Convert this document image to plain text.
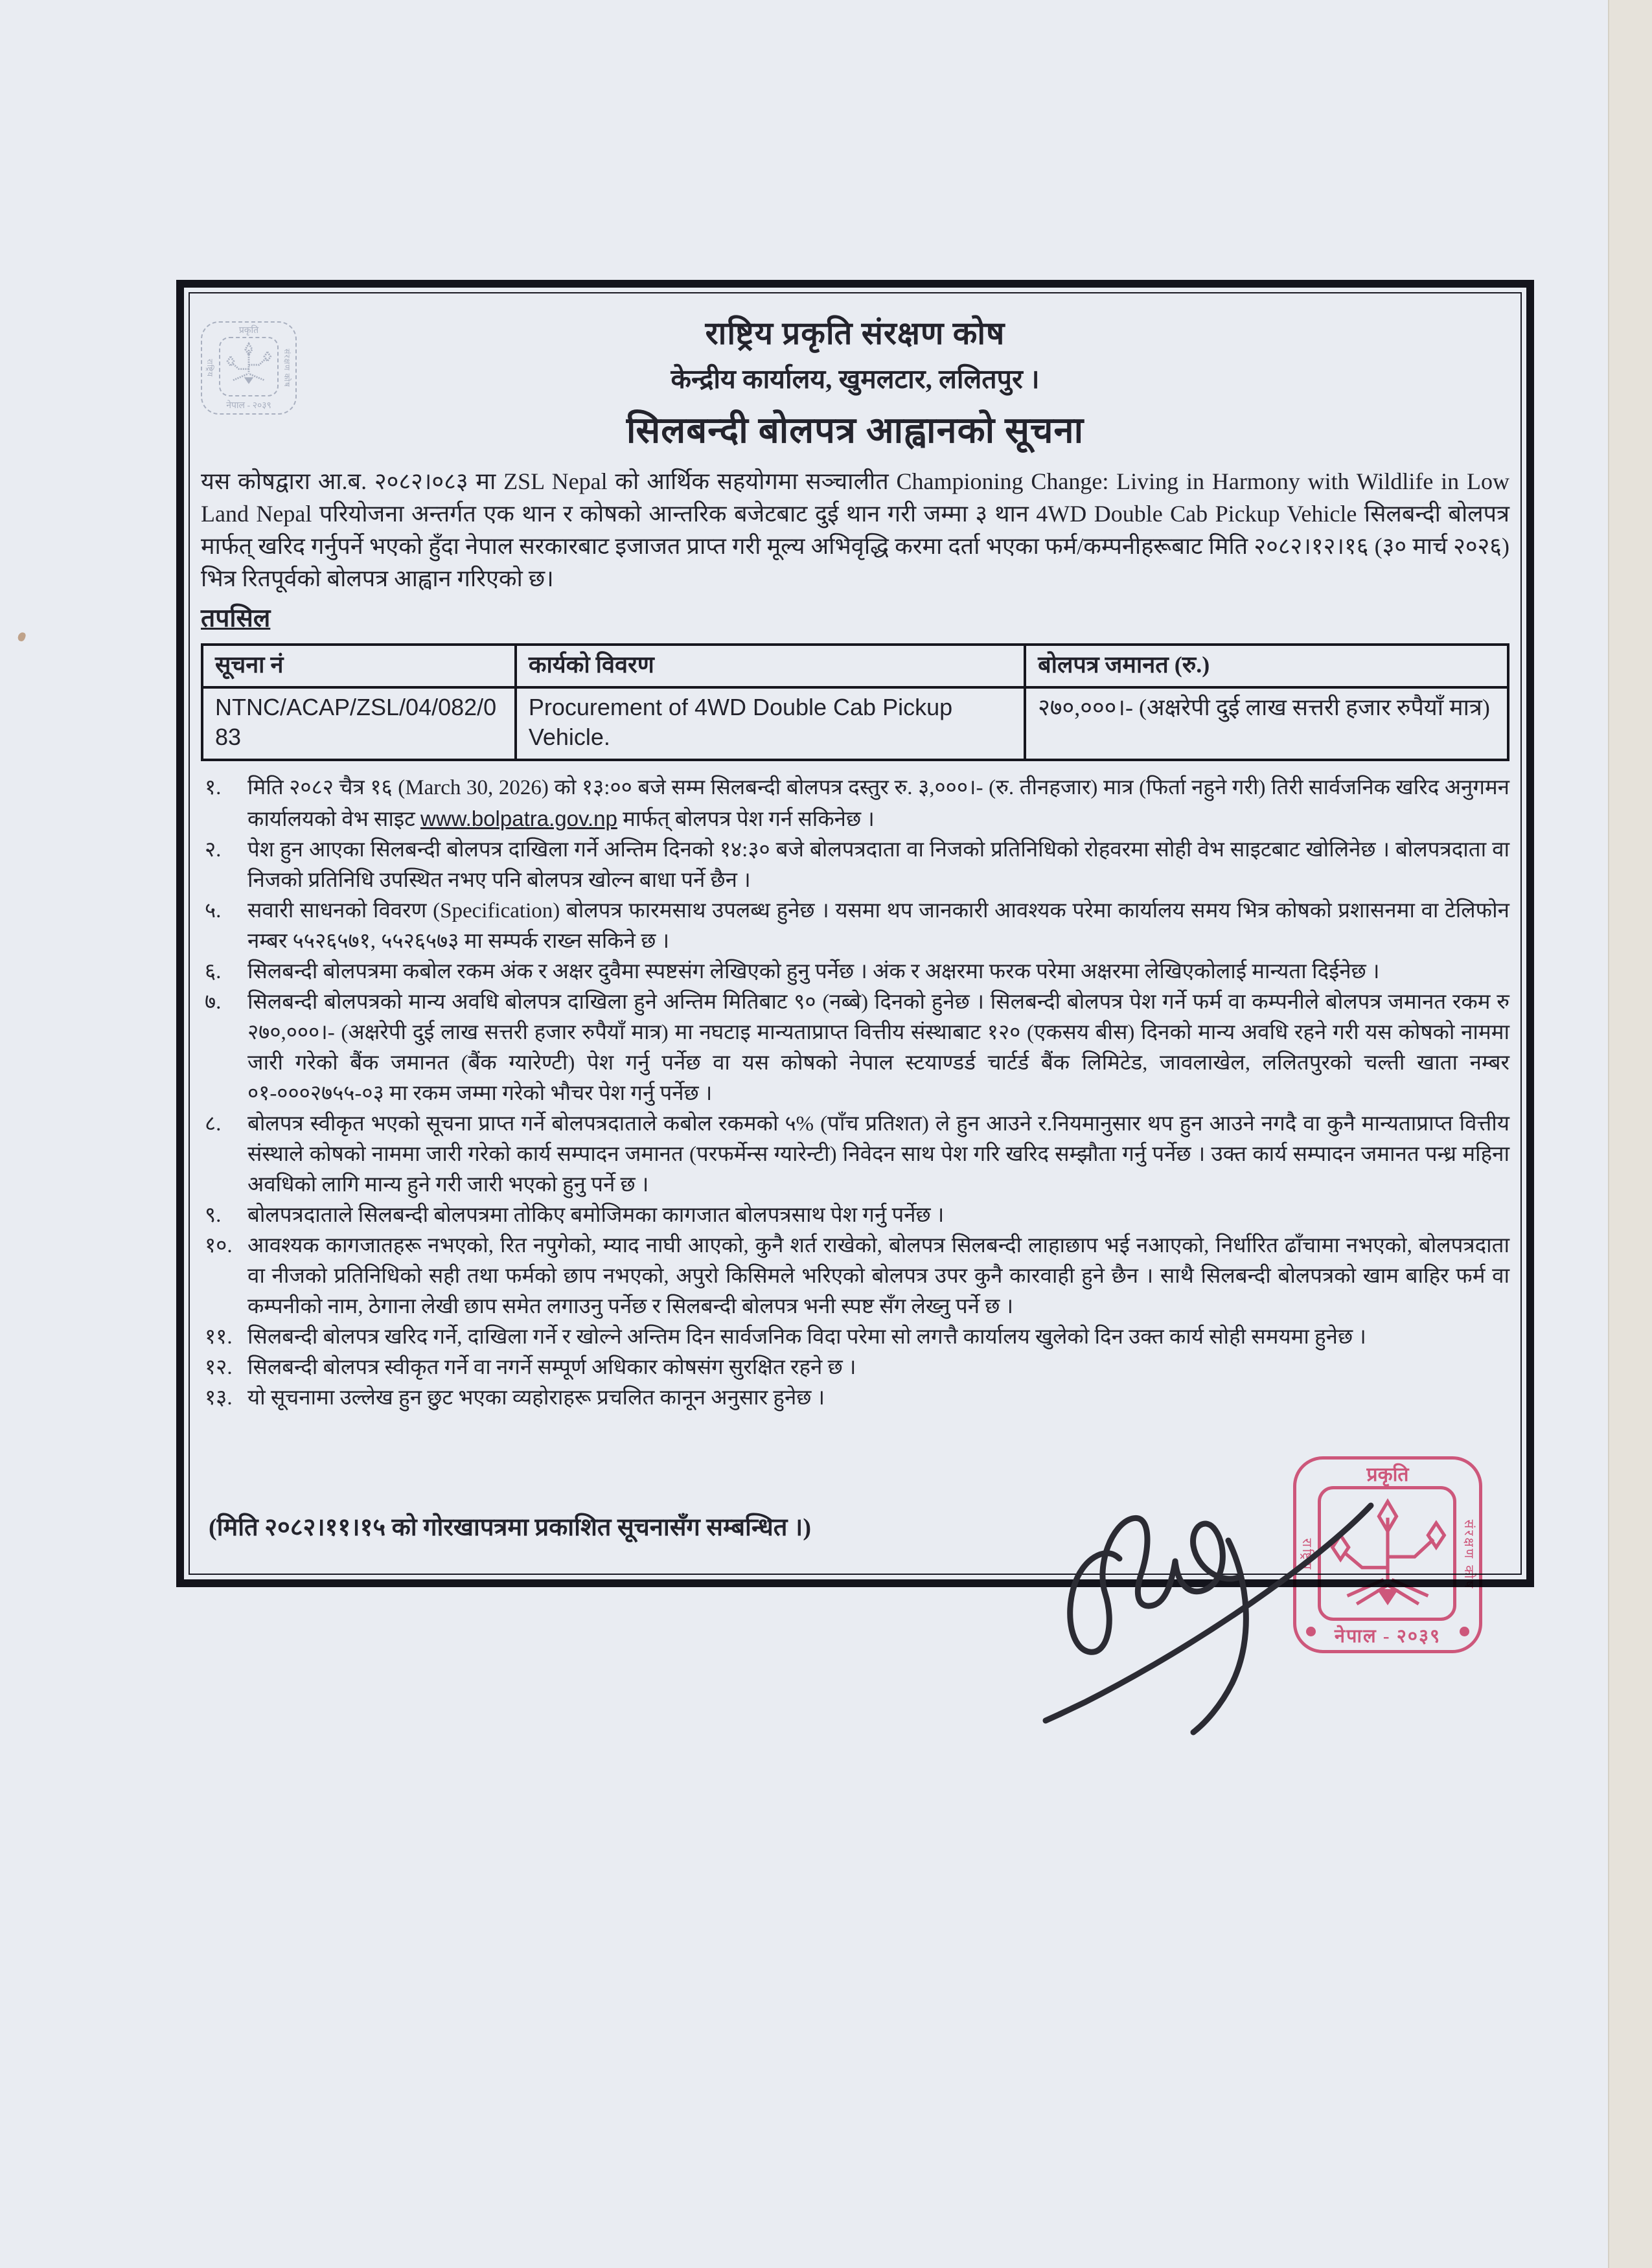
प्रकृति
नेपाल - २०३९
राष्ट्रिय	संरक्षण कोष
राष्ट्रिय प्रकृति संरक्षण कोष
केन्द्रीय कार्यालय, खुमलटार, ललितपुर ।
सिलबन्दी बोलपत्र आह्वानको सूचना
यस कोषद्वारा आ.ब. २०८२।०८३ मा ZSL Nepal को आर्थिक सहयोगमा सञ्चालीत Championing Change: Living in Harmony with Wildlife in Low Land Nepal परियोजना अन्तर्गत एक थान र कोषको आन्तरिक बजेटबाट दुई थान गरी जम्मा ३ थान 4WD Double Cab Pickup Vehicle सिलबन्दी बोलपत्र मार्फत् खरिद गर्नुपर्ने भएको हुँदा नेपाल सरकारबाट इजाजत प्राप्त गरी मूल्य अभिवृद्धि करमा दर्ता भएका फर्म/कम्पनीहरूबाट मिति २०८२।१२।१६ (३० मार्च २०२६) भित्र रितपूर्वको बोलपत्र आह्वान गरिएको छ।
तपसिल
सूचना नं	कार्यको विवरण	बोलपत्र जमानत (रु.)
NTNC/ACAP/ZSL/04/082/083	Procurement of 4WD Double Cab Pickup Vehicle.	२७०,०००।- (अक्षरेपी दुई लाख सत्तरी हजार रुपैयाँ मात्र)
१.	मिति २०८२ चैत्र १६ (March 30, 2026) को १३:०० बजे सम्म सिलबन्दी बोलपत्र दस्तुर रु. ३,०००।- (रु. तीनहजार) मात्र (फिर्ता नहुने गरी) तिरी सार्वजनिक खरिद अनुगमन कार्यालयको वेभ साइट www.bolpatra.gov.np मार्फत् बोलपत्र पेश गर्न सकिनेछ ।
२.	पेश हुन आएका सिलबन्दी बोलपत्र दाखिला गर्ने अन्तिम दिनको १४:३० बजे बोलपत्रदाता वा निजको प्रतिनिधिको रोहवरमा सोही वेभ साइटबाट खोलिनेछ । बोलपत्रदाता वा निजको प्रतिनिधि उपस्थित नभए पनि बोलपत्र खोल्न बाधा पर्ने छैन ।
५.	सवारी साधनको विवरण (Specification) बोलपत्र फारमसाथ उपलब्ध हुनेछ । यसमा थप जानकारी आवश्यक परेमा कार्यालय समय भित्र कोषको प्रशासनमा वा टेलिफोन नम्बर ५५२६५७१, ५५२६५७३ मा सम्पर्क राख्न सकिने छ ।
६.	सिलबन्दी बोलपत्रमा कबोल रकम अंक र अक्षर दुवैमा स्पष्टसंग लेखिएको हुनु पर्नेछ । अंक र अक्षरमा फरक परेमा अक्षरमा लेखिएकोलाई मान्यता दिईनेछ ।
७.	सिलबन्दी बोलपत्रको मान्य अवधि बोलपत्र दाखिला हुने अन्तिम मितिबाट ९० (नब्बे) दिनको हुनेछ । सिलबन्दी बोलपत्र पेश गर्ने फर्म वा कम्पनीले बोलपत्र जमानत रकम रु २७०,०००।- (अक्षरेपी दुई लाख सत्तरी हजार रुपैयाँ मात्र) मा नघटाइ मान्यताप्राप्त वित्तीय संस्थाबाट १२० (एकसय बीस) दिनको मान्य अवधि रहने गरी यस कोषको नाममा जारी गरेको बैंक जमानत (बैंक ग्यारेण्टी) पेश गर्नु पर्नेछ वा यस कोषको नेपाल स्टयाण्डर्ड चार्टर्ड बैंक लिमिटेड, जावलाखेल, ललितपुरको चल्ती खाता नम्बर ०१-०००२७५५-०३ मा रकम जम्मा गरेको भौचर पेश गर्नु पर्नेछ ।
८.	बोलपत्र स्वीकृत भएको सूचना प्राप्त गर्ने बोलपत्रदाताले कबोल रकमको ५% (पाँच प्रतिशत) ले हुन आउने र.नियमानुसार थप हुन आउने नगदै वा कुनै मान्यताप्राप्त वित्तीय संस्थाले कोषको नाममा जारी गरेको कार्य सम्पादन जमानत (परफर्मेन्स ग्यारेन्टी) निवेदन साथ पेश गरि खरिद सम्झौता गर्नु पर्नेछ । उक्त कार्य सम्पादन जमानत पन्ध्र महिना अवधिको लागि मान्य हुने गरी जारी भएको हुनु पर्ने छ ।
९.	बोलपत्रदाताले सिलबन्दी बोलपत्रमा तोकिए बमोजिमका कागजात बोलपत्रसाथ पेश गर्नु पर्नेछ ।
१०. आवश्यक कागजातहरू नभएको, रित नपुगेको, म्याद नाघी आएको, कुनै शर्त राखेको, बोलपत्र सिलबन्दी लाहाछाप भई नआएको, निर्धारित ढाँचामा नभएको, बोलपत्रदाता वा नीजको प्रतिनिधिको सही तथा फर्मको छाप नभएको, अपुरो किसिमले भरिएको बोलपत्र उपर कुनै कारवाही हुने छैन । साथै सिलबन्दी बोलपत्रको खाम बाहिर फर्म वा कम्पनीको नाम, ठेगाना लेखी छाप समेत लगाउनु पर्नेछ र सिलबन्दी बोलपत्र भनी स्पष्ट सँग लेख्नु पर्ने छ ।
११. सिलबन्दी बोलपत्र खरिद गर्ने, दाखिला गर्ने र खोल्ने अन्तिम दिन सार्वजनिक विदा परेमा सो लगत्तै कार्यालय खुलेको दिन उक्त कार्य सोही समयमा हुनेछ ।
१२. सिलबन्दी बोलपत्र स्वीकृत गर्ने वा नगर्ने सम्पूर्ण अधिकार कोषसंग सुरक्षित रहने छ ।
१३. यो सूचनामा उल्लेख हुन छुट भएका व्यहोराहरू प्रचलित कानून अनुसार हुनेछ ।
(मिति २०८२।११।१५ को गोरखापत्रमा प्रकाशित सूचनासँग सम्बन्धित ।)
प्रकृति
नेपाल - २०३९
राष्ट्रिय	संरक्षण कोष
